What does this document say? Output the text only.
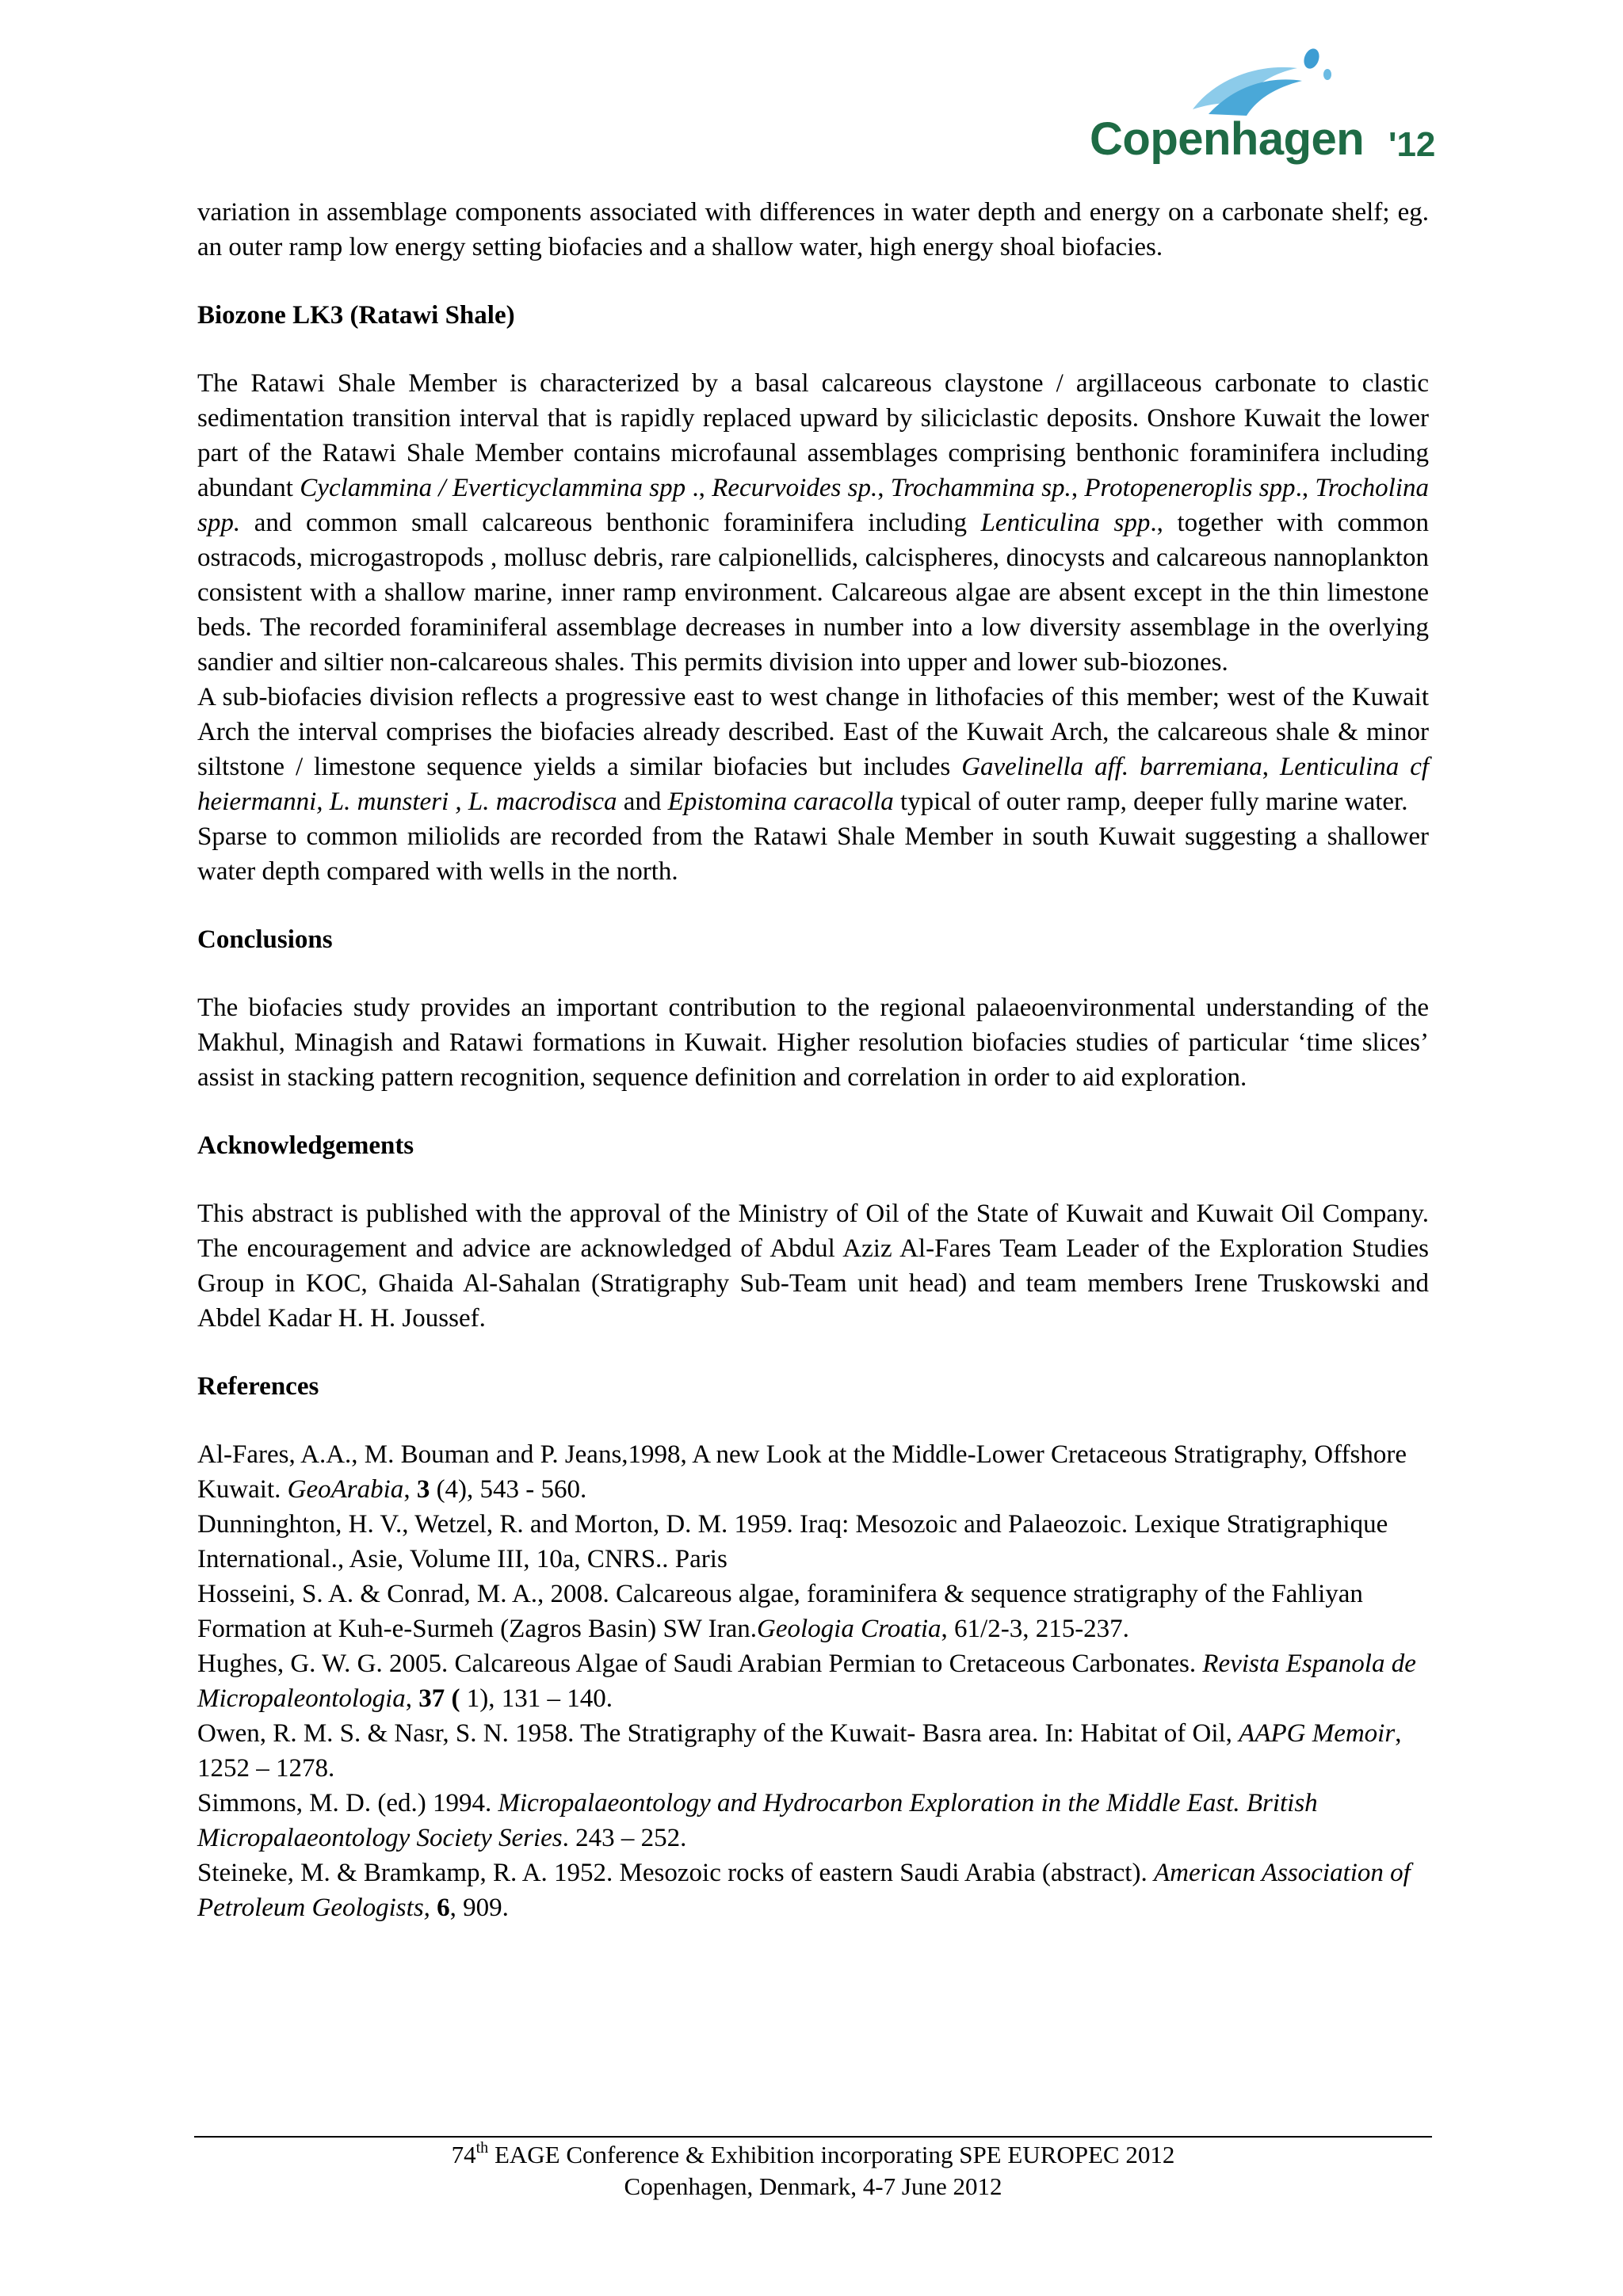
Copenhagen '12

variation in assemblage components associated with differences in water depth and energy on a carbonate shelf; eg. an outer ramp low energy setting biofacies and a shallow water, high energy shoal biofacies.

Biozone LK3 (Ratawi Shale)

The Ratawi Shale Member is characterized by a basal calcareous claystone / argillaceous carbonate to clastic sedimentation transition interval that is rapidly replaced upward by siliciclastic deposits. Onshore Kuwait the lower part of the Ratawi Shale Member contains microfaunal assemblages comprising benthonic foraminifera including abundant Cyclammina / Everticyclammina spp ., Recurvoides sp., Trochammina sp., Protopeneroplis spp., Trocholina spp. and common small calcareous benthonic foraminifera including Lenticulina spp., together with common ostracods, microgastropods , mollusc debris, rare calpionellids, calcispheres, dinocysts and calcareous nannoplankton consistent with a shallow marine, inner ramp environment. Calcareous algae are absent except in the thin limestone beds. The recorded foraminiferal assemblage decreases in number into a low diversity assemblage in the overlying sandier and siltier non-calcareous shales. This permits division into upper and lower sub-biozones.

A sub-biofacies division reflects a progressive east to west change in lithofacies of this member; west of the Kuwait Arch the interval comprises the biofacies already described. East of the Kuwait Arch, the calcareous shale & minor siltstone / limestone sequence yields a similar biofacies but includes Gavelinella aff. barremiana, Lenticulina cf heiermanni, L. munsteri , L. macrodisca and Epistomina caracolla typical of outer ramp, deeper fully marine water.

Sparse to common miliolids are recorded from the Ratawi Shale Member in south Kuwait suggesting a shallower water depth compared with wells in the north.

Conclusions

The biofacies study provides an important contribution to the regional palaeoenvironmental understanding of the Makhul, Minagish and Ratawi formations in Kuwait. Higher resolution biofacies studies of particular ‘time slices’ assist in stacking pattern recognition, sequence definition and correlation in order to aid exploration.

Acknowledgements

This abstract is published with the approval of the Ministry of Oil of the State of Kuwait and Kuwait Oil Company. The encouragement and advice are acknowledged of Abdul Aziz Al-Fares Team Leader of the Exploration Studies Group in KOC, Ghaida Al-Sahalan (Stratigraphy Sub-Team unit head) and team members Irene Truskowski and Abdel Kadar H. H. Joussef.

References

Al-Fares, A.A., M. Bouman and P. Jeans,1998, A new Look at the Middle-Lower Cretaceous Stratigraphy, Offshore Kuwait. GeoArabia, 3 (4), 543 - 560.

Dunninghton, H. V., Wetzel, R. and Morton, D. M. 1959. Iraq: Mesozoic and Palaeozoic. Lexique Stratigraphique International., Asie, Volume III, 10a, CNRS.. Paris

Hosseini, S. A. & Conrad, M. A., 2008. Calcareous algae, foraminifera & sequence stratigraphy of the Fahliyan Formation at Kuh-e-Surmeh (Zagros Basin) SW Iran.Geologia Croatia, 61/2-3, 215-237.

Hughes, G. W. G. 2005. Calcareous Algae of Saudi Arabian Permian to Cretaceous Carbonates. Revista Espanola de Micropaleontologia, 37 ( 1), 131 – 140.

Owen, R. M. S. & Nasr, S. N. 1958. The Stratigraphy of the Kuwait- Basra area. In: Habitat of Oil, AAPG Memoir, 1252 – 1278.

Simmons, M. D. (ed.) 1994. Micropalaeontology and Hydrocarbon Exploration in the Middle East. British Micropalaeontology Society Series. 243 – 252.

Steineke, M. & Bramkamp, R. A. 1952. Mesozoic rocks of eastern Saudi Arabia (abstract). American Association of Petroleum Geologists, 6, 909.

74th EAGE Conference & Exhibition incorporating SPE EUROPEC 2012
Copenhagen, Denmark, 4-7 June 2012
